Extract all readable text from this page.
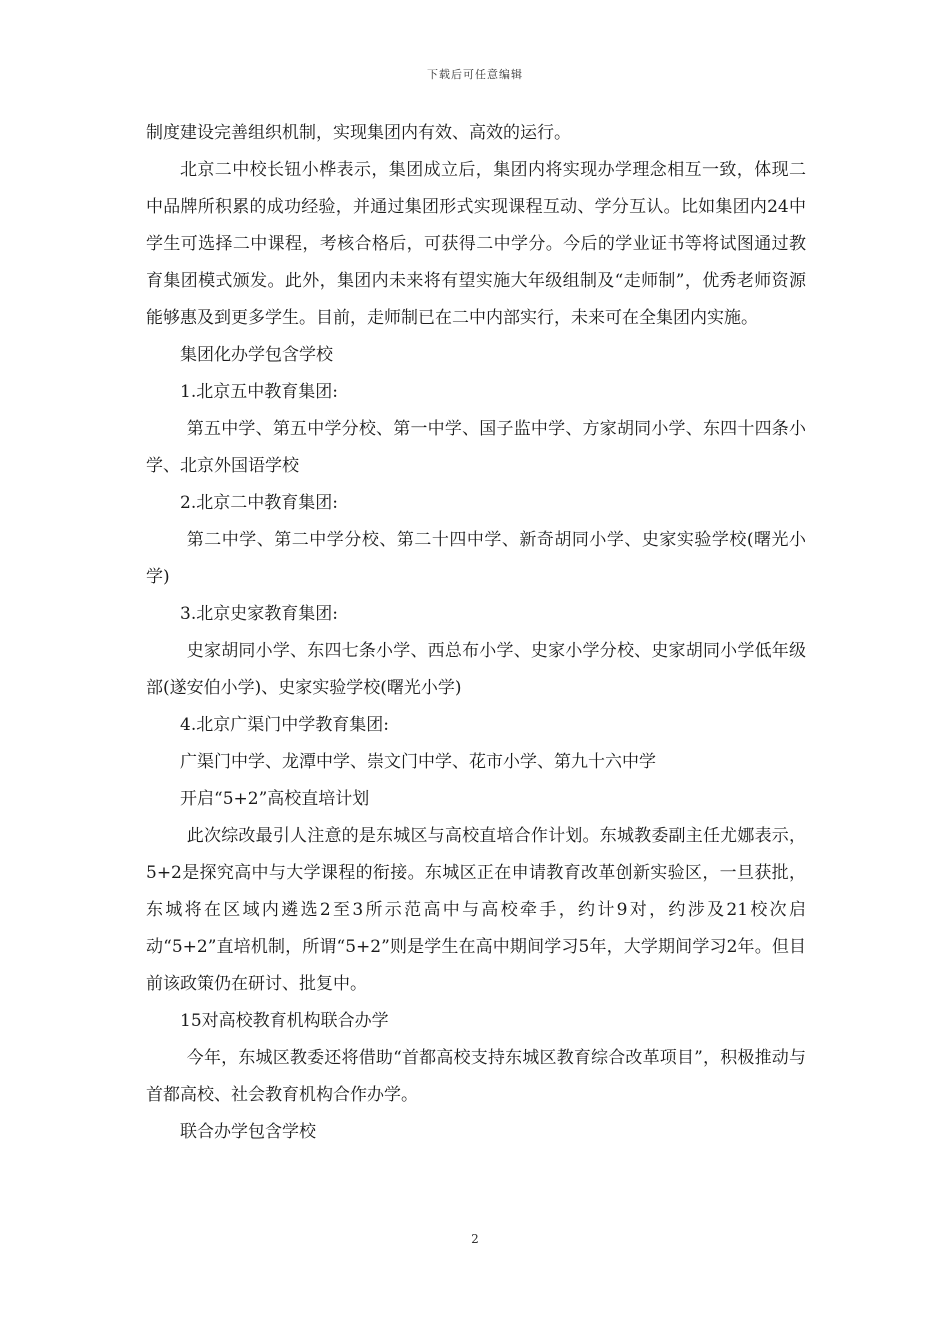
下载后可任意编辑

制度建设完善组织机制，实现集团内有效、高效的运行。

北京二中校长钮小桦表示，集团成立后，集团内将实现办学理念相互一致，体现二中品牌所积累的成功经验，并通过集团形式实现课程互动、学分互认。比如集团内24中学生可选择二中课程，考核合格后，可获得二中学分。今后的学业证书等将试图通过教育集团模式颁发。此外，集团内未来将有望实施大年级组制及“走师制”，优秀老师资源能够惠及到更多学生。目前，走师制已在二中内部实行，未来可在全集团内实施。

集团化办学包含学校

1.北京五中教育集团:

第五中学、第五中学分校、第一中学、国子监中学、方家胡同小学、东四十四条小学、北京外国语学校

2.北京二中教育集团:

第二中学、第二中学分校、第二十四中学、新奇胡同小学、史家实验学校(曙光小学)

3.北京史家教育集团:

史家胡同小学、东四七条小学、西总布小学、史家小学分校、史家胡同小学低年级部(遂安伯小学)、史家实验学校(曙光小学)

4.北京广渠门中学教育集团:

广渠门中学、龙潭中学、崇文门中学、花市小学、第九十六中学

开启“5+2”高校直培计划

此次综改最引人注意的是东城区与高校直培合作计划。东城教委副主任尤娜表示，5+2是探究高中与大学课程的衔接。东城区正在申请教育改革创新实验区，一旦获批，东城将在区域内遴选2至3所示范高中与高校牵手，约计9对，约涉及21校次启动“5+2”直培机制，所谓“5+2”则是学生在高中期间学习5年，大学期间学习2年。但目前该政策仍在研讨、批复中。

15对高校教育机构联合办学

今年，东城区教委还将借助“首都高校支持东城区教育综合改革项目”，积极推动与首都高校、社会教育机构合作办学。

联合办学包含学校

2
